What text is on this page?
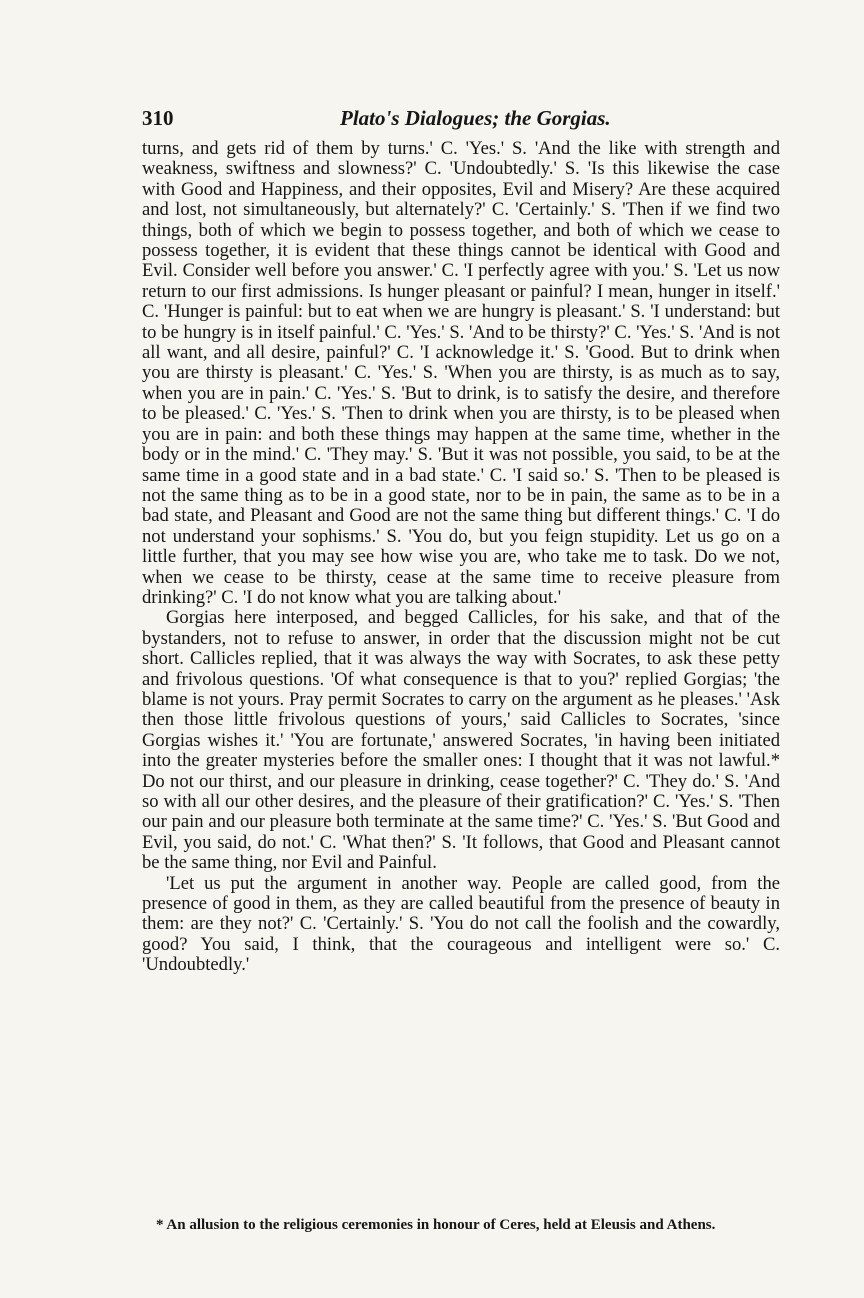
310	Plato's Dialogues; the Gorgias.

turns, and gets rid of them by turns.' C. 'Yes.' S. 'And the like with strength and weakness, swiftness and slowness?' C. 'Undoubtedly.' S. 'Is this likewise the case with Good and Happiness, and their opposites, Evil and Misery? Are these acquired and lost, not simultaneously, but alternately?' C. 'Certainly.' S. 'Then if we find two things, both of which we begin to possess together, and both of which we cease to possess together, it is evident that these things cannot be identical with Good and Evil. Consider well before you answer.' C. 'I perfectly agree with you.' S. 'Let us now return to our first admissions. Is hunger pleasant or painful? I mean, hunger in itself.' C. 'Hunger is painful: but to eat when we are hungry is pleasant.' S. 'I understand: but to be hungry is in itself painful.' C. 'Yes.' S. 'And to be thirsty?' C. 'Yes.' S. 'And is not all want, and all desire, painful?' C. 'I acknowledge it.' S. 'Good. But to drink when you are thirsty is pleasant.' C. 'Yes.' S. 'When you are thirsty, is as much as to say, when you are in pain.' C. 'Yes.' S. 'But to drink, is to satisfy the desire, and therefore to be pleased.' C. 'Yes.' S. 'Then to drink when you are thirsty, is to be pleased when you are in pain: and both these things may happen at the same time, whether in the body or in the mind.' C. 'They may.' S. 'But it was not possible, you said, to be at the same time in a good state and in a bad state.' C. 'I said so.' S. 'Then to be pleased is not the same thing as to be in a good state, nor to be in pain, the same as to be in a bad state, and Pleasant and Good are not the same thing but different things.' C. 'I do not understand your sophisms.' S. 'You do, but you feign stupidity. Let us go on a little further, that you may see how wise you are, who take me to task. Do we not, when we cease to be thirsty, cease at the same time to receive pleasure from drinking?' C. 'I do not know what you are talking about.'

Gorgias here interposed, and begged Callicles, for his sake, and that of the bystanders, not to refuse to answer, in order that the discussion might not be cut short. Callicles replied, that it was always the way with Socrates, to ask these petty and frivolous questions. 'Of what consequence is that to you?' replied Gorgias; 'the blame is not yours. Pray permit Socrates to carry on the argument as he pleases.' 'Ask then those little frivolous questions of yours,' said Callicles to Socrates, 'since Gorgias wishes it.' 'You are fortunate,' answered Socrates, 'in having been initiated into the greater mysteries before the smaller ones: I thought that it was not lawful.* Do not our thirst, and our pleasure in drinking, cease together?' C. 'They do.' S. 'And so with all our other desires, and the pleasure of their gratification?' C. 'Yes.' S. 'Then our pain and our pleasure both terminate at the same time?' C. 'Yes.' S. 'But Good and Evil, you said, do not.' C. 'What then?' S. 'It follows, that Good and Pleasant cannot be the same thing, nor Evil and Painful.

'Let us put the argument in another way. People are called good, from the presence of good in them, as they are called beautiful from the presence of beauty in them: are they not?' C. 'Certainly.' S. 'You do not call the foolish and the cowardly, good? You said, I think, that the courageous and intelligent were so.' C. 'Undoubtedly.'

* An allusion to the religious ceremonies in honour of Ceres, held at Eleusis and Athens.
